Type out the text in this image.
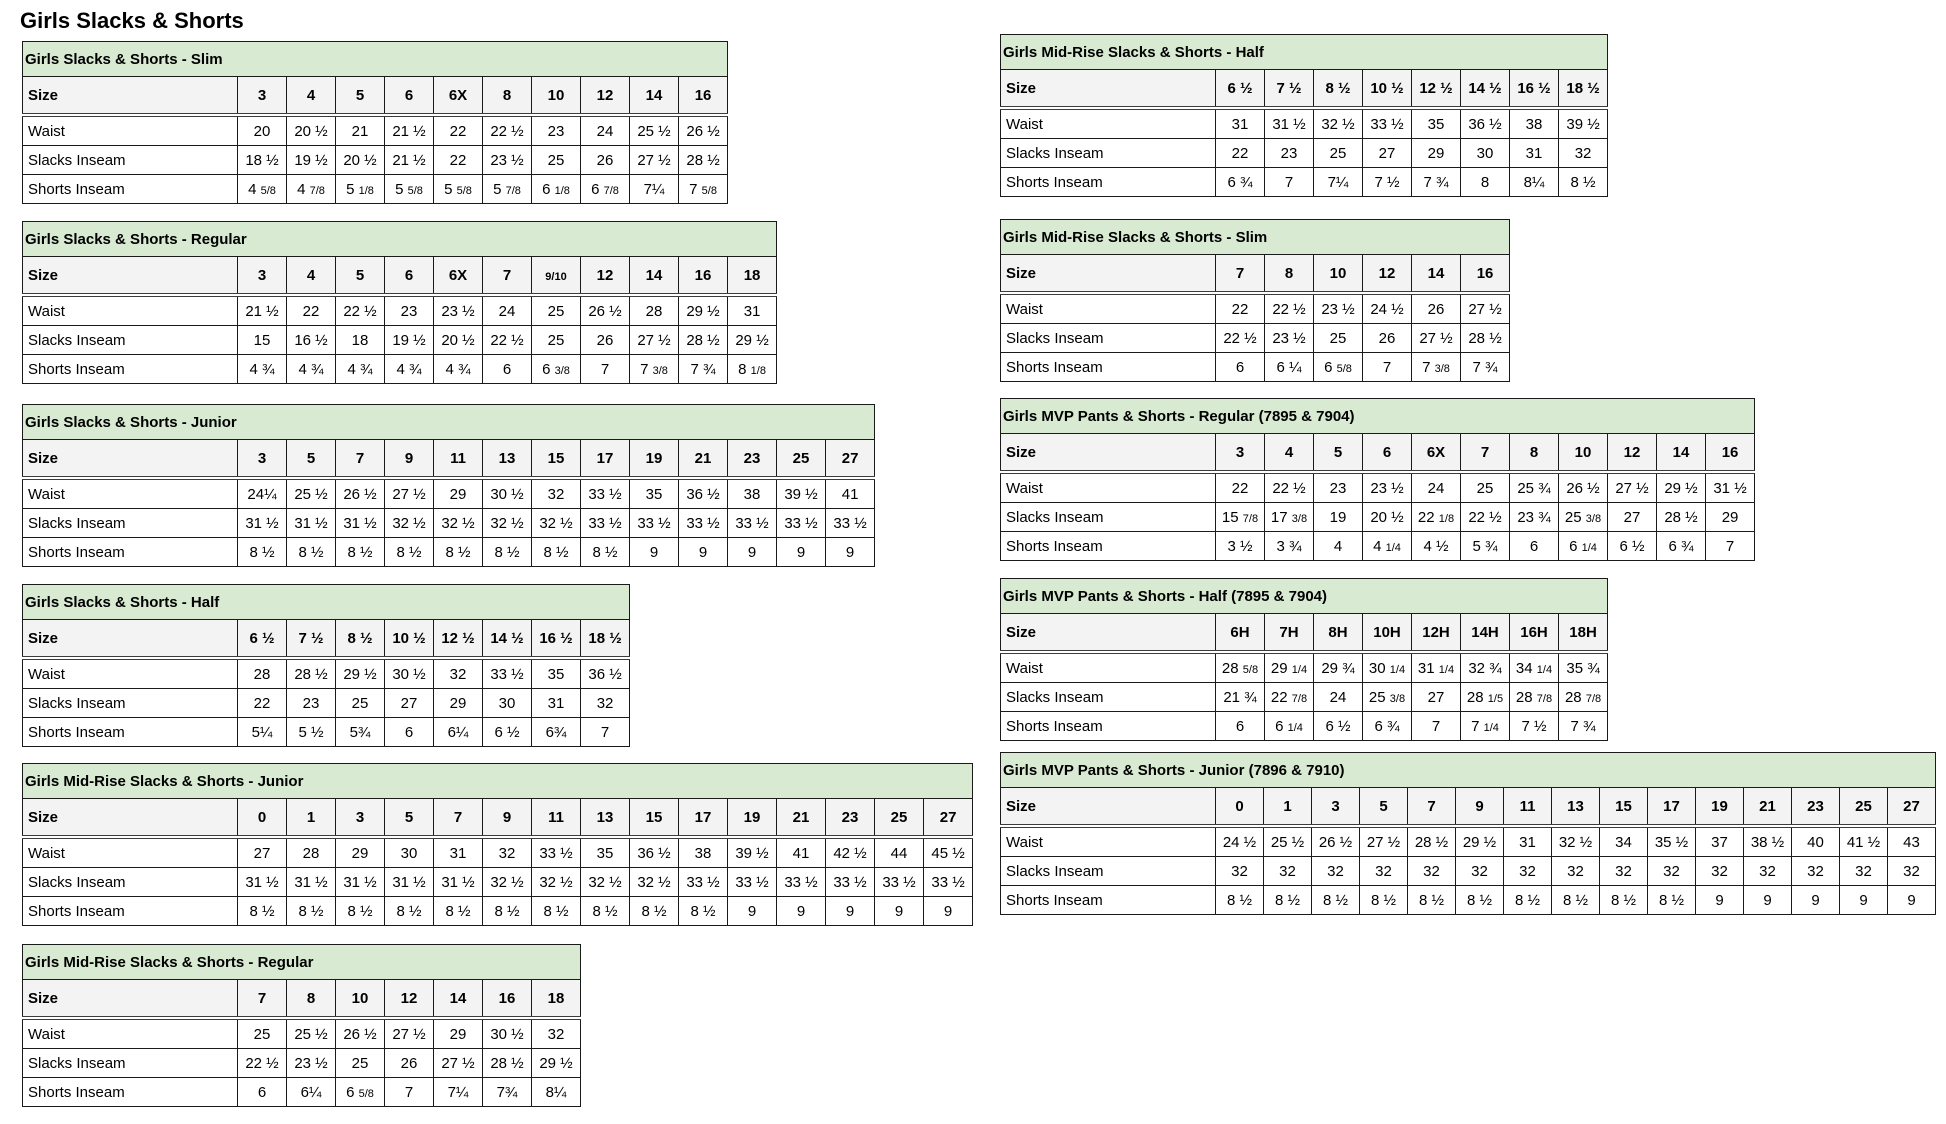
Girls Slacks & Shorts
Girls Slacks & Shorts - Slim										
Size	3	4	5	6	6X	8	10	12	14	16
Waist	20	20 ½	21	21 ½	22	22 ½	23	24	25 ½	26 ½
Slacks Inseam	18 ½	19 ½	20 ½	21 ½	22	23 ½	25	26	27 ½	28 ½
Shorts Inseam	4 5/8	4 7/8	5 1/8	5 5/8	5 5/8	5 7/8	6 1/8	6 7/8	7¼	7 5/8
Girls Slacks & Shorts - Regular											
Size	3	4	5	6	6X	7	9/10	12	14	16	18
Waist	21 ½	22	22 ½	23	23 ½	24	25	26 ½	28	29 ½	31
Slacks Inseam	15	16 ½	18	19 ½	20 ½	22 ½	25	26	27 ½	28 ½	29 ½
Shorts Inseam	4 ¾	4 ¾	4 ¾	4 ¾	4 ¾	6	6 3/8	7	7 3/8	7 ¾	8 1/8
Girls Slacks & Shorts - Junior													
Size	3	5	7	9	11	13	15	17	19	21	23	25	27
Waist	24¼	25 ½	26 ½	27 ½	29	30 ½	32	33 ½	35	36 ½	38	39 ½	41
Slacks Inseam	31 ½	31 ½	31 ½	32 ½	32 ½	32 ½	32 ½	33 ½	33 ½	33 ½	33 ½	33 ½	33 ½
Shorts Inseam	8 ½	8 ½	8 ½	8 ½	8 ½	8 ½	8 ½	8 ½	9	9	9	9	9
Girls Slacks & Shorts - Half								
Size	6 ½	7 ½	8 ½	10 ½	12 ½	14 ½	16 ½	18 ½
Waist	28	28 ½	29 ½	30 ½	32	33 ½	35	36 ½
Slacks Inseam	22	23	25	27	29	30	31	32
Shorts Inseam	5¼	5 ½	5¾	6	6¼	6 ½	6¾	7
Girls Mid-Rise Slacks & Shorts - Junior															
Size	0	1	3	5	7	9	11	13	15	17	19	21	23	25	27
Waist	27	28	29	30	31	32	33 ½	35	36 ½	38	39 ½	41	42 ½	44	45 ½
Slacks Inseam	31 ½	31 ½	31 ½	31 ½	31 ½	32 ½	32 ½	32 ½	32 ½	33 ½	33 ½	33 ½	33 ½	33 ½	33 ½
Shorts Inseam	8 ½	8 ½	8 ½	8 ½	8 ½	8 ½	8 ½	8 ½	8 ½	8 ½	9	9	9	9	9
Girls Mid-Rise Slacks & Shorts - Regular							
Size	7	8	10	12	14	16	18
Waist	25	25 ½	26 ½	27 ½	29	30 ½	32
Slacks Inseam	22 ½	23 ½	25	26	27 ½	28 ½	29 ½
Shorts Inseam	6	6¼	6 5/8	7	7¼	7¾	8¼
Girls Mid-Rise Slacks & Shorts - Half								
Size	6 ½	7 ½	8 ½	10 ½	12 ½	14 ½	16 ½	18 ½
Waist	31	31 ½	32 ½	33 ½	35	36 ½	38	39 ½
Slacks Inseam	22	23	25	27	29	30	31	32
Shorts Inseam	6 ¾	7	7¼	7 ½	7 ¾	8	8¼	8 ½
Girls Mid-Rise Slacks & Shorts - Slim						
Size	7	8	10	12	14	16
Waist	22	22 ½	23 ½	24 ½	26	27 ½
Slacks Inseam	22 ½	23 ½	25	26	27 ½	28 ½
Shorts Inseam	6	6 ¼	6 5/8	7	7 3/8	7 ¾
Girls MVP Pants & Shorts - Regular (7895 & 7904)											
Size	3	4	5	6	6X	7	8	10	12	14	16
Waist	22	22 ½	23	23 ½	24	25	25 ¾	26 ½	27 ½	29 ½	31 ½
Slacks Inseam	15 7/8	17 3/8	19	20 ½	22 1/8	22 ½	23 ¾	25 3/8	27	28 ½	29
Shorts Inseam	3 ½	3 ¾	4	4 1/4	4 ½	5 ¾	6	6 1/4	6 ½	6 ¾	7
Girls MVP Pants & Shorts - Half (7895 & 7904)								
Size	6H	7H	8H	10H	12H	14H	16H	18H
Waist	28 5/8	29 1/4	29 ¾	30 1/4	31 1/4	32 ¾	34 1/4	35 ¾
Slacks Inseam	21 ¾	22 7/8	24	25 3/8	27	28 1/5	28 7/8	28 7/8
Shorts Inseam	6	6 1/4	6 ½	6 ¾	7	7 1/4	7 ½	7 ¾
Girls MVP Pants & Shorts - Junior (7896 & 7910)															
Size	0	1	3	5	7	9	11	13	15	17	19	21	23	25	27
Waist	24 ½	25 ½	26 ½	27 ½	28 ½	29 ½	31	32 ½	34	35 ½	37	38 ½	40	41 ½	43
Slacks Inseam	32	32	32	32	32	32	32	32	32	32	32	32	32	32	32
Shorts Inseam	8 ½	8 ½	8 ½	8 ½	8 ½	8 ½	8 ½	8 ½	8 ½	8 ½	9	9	9	9	9
